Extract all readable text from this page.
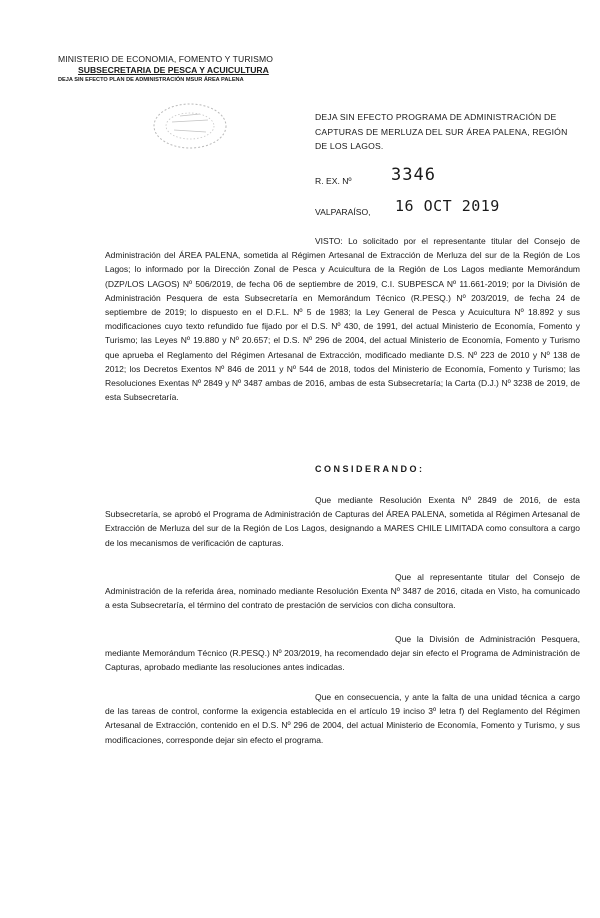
MINISTERIO DE ECONOMIA, FOMENTO Y TURISMO
SUBSECRETARIA DE PESCA Y ACUICULTURA
DEJA SIN EFECTO PLAN DE ADMINISTRACIÓN MSUR ÁREA PALENA
DEJA SIN EFECTO PROGRAMA DE ADMINISTRACIÓN DE CAPTURAS DE MERLUZA DEL SUR ÁREA PALENA, REGIÓN DE LOS LAGOS.
R. EX. Nº 3346
VALPARAÍSO, 16 OCT 2019
VISTO: Lo solicitado por el representante titular del Consejo de Administración del ÁREA PALENA, sometida al Régimen Artesanal de Extracción de Merluza del sur de la Región de Los Lagos; lo informado por la Dirección Zonal de Pesca y Acuicultura de la Región de Los Lagos mediante Memorándum (DZP/LOS LAGOS) Nº 506/2019, de fecha 06 de septiembre de 2019, C.I. SUBPESCA Nº 11.661-2019; por la División de Administración Pesquera de esta Subsecretaría en Memorándum Técnico (R.PESQ.) Nº 203/2019, de fecha 24 de septiembre de 2019; lo dispuesto en el D.F.L. Nº 5 de 1983; la Ley General de Pesca y Acuicultura Nº 18.892 y sus modificaciones cuyo texto refundido fue fijado por el D.S. Nº 430, de 1991, del actual Ministerio de Economía, Fomento y Turismo; las Leyes Nº 19.880 y Nº 20.657; el D.S. Nº 296 de 2004, del actual Ministerio de Economía, Fomento y Turismo que aprueba el Reglamento del Régimen Artesanal de Extracción, modificado mediante D.S. Nº 223 de 2010 y Nº 138 de 2012; los Decretos Exentos Nº 846 de 2011 y Nº 544 de 2018, todos del Ministerio de Economía, Fomento y Turismo; las Resoluciones Exentas Nº 2849 y Nº 3487 ambas de 2016, ambas de esta Subsecretaría; la Carta (D.J.) Nº 3238 de 2019, de esta Subsecretaría.
CONSIDERANDO:
Que mediante Resolución Exenta Nº 2849 de 2016, de esta Subsecretaría, se aprobó el Programa de Administración de Capturas del ÁREA PALENA, sometida al Régimen Artesanal de Extracción de Merluza del sur de la Región de Los Lagos, designando a MARES CHILE LIMITADA como consultora a cargo de los mecanismos de verificación de capturas.
Que al representante titular del Consejo de Administración de la referida área, nominado mediante Resolución Exenta Nº 3487 de 2016, citada en Visto, ha comunicado a esta Subsecretaría, el término del contrato de prestación de servicios con dicha consultora.
Que la División de Administración Pesquera, mediante Memorándum Técnico (R.PESQ.) Nº 203/2019, ha recomendado dejar sin efecto el Programa de Administración de Capturas, aprobado mediante las resoluciones antes indicadas.
Que en consecuencia, y ante la falta de una unidad técnica a cargo de las tareas de control, conforme la exigencia establecida en el artículo 19 inciso 3º letra f) del Reglamento del Régimen Artesanal de Extracción, contenido en el D.S. Nº 296 de 2004, del actual Ministerio de Economía, Fomento y Turismo, y sus modificaciones, corresponde dejar sin efecto el programa.
